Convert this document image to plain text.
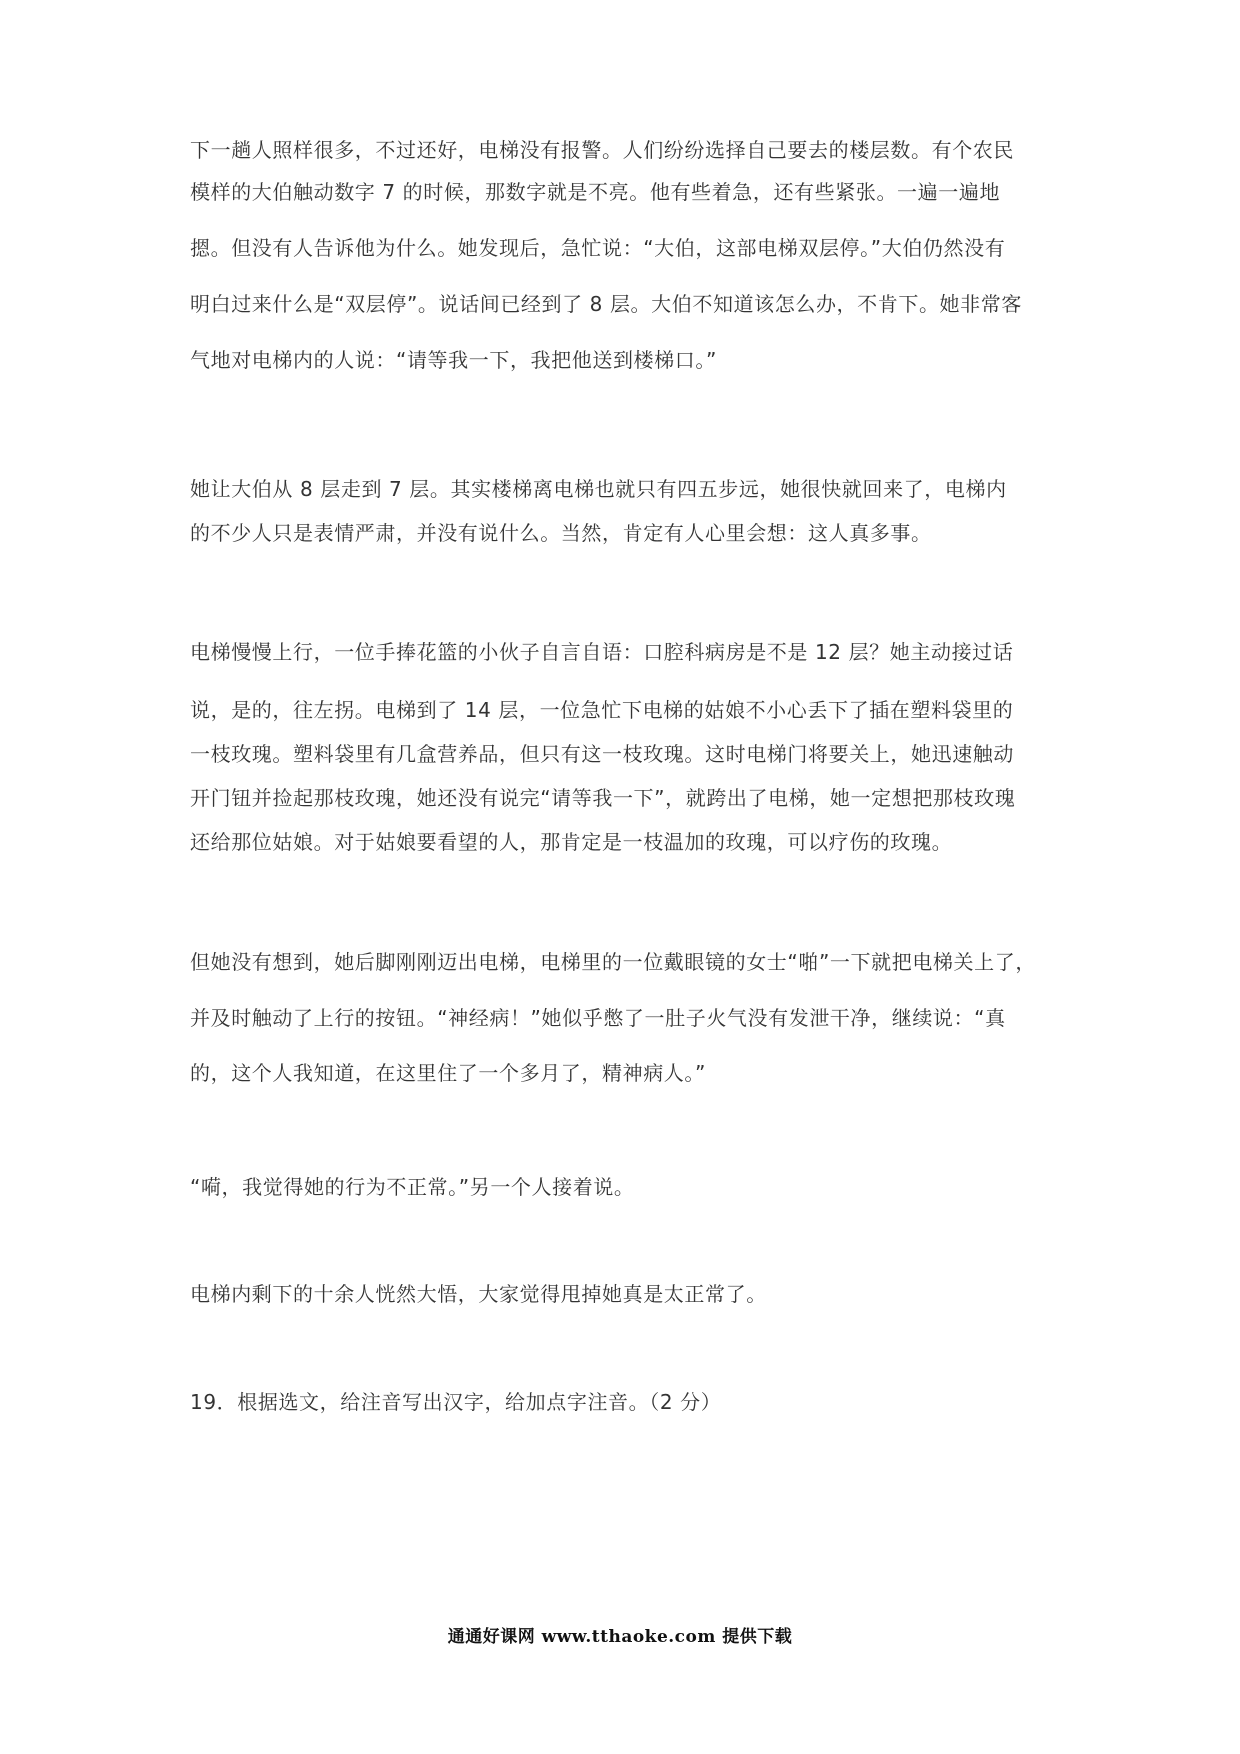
下一趟人照样很多，不过还好，电梯没有报警。人们纷纷选择自己要去的楼层数。有个农民
模样的大伯触动数字 7 的时候，那数字就是不亮。他有些着急，还有些紧张。一遍一遍地
摁。但没有人告诉他为什么。她发现后，急忙说：“大伯，这部电梯双层停。”大伯仍然没有
明白过来什么是“双层停”。说话间已经到了 8 层。大伯不知道该怎么办，不肯下。她非常客
气地对电梯内的人说：“请等我一下，我把他送到楼梯口。”
她让大伯从 8 层走到 7 层。其实楼梯离电梯也就只有四五步远，她很快就回来了，电梯内
的不少人只是表情严肃，并没有说什么。当然，肯定有人心里会想：这人真多事。
电梯慢慢上行，一位手捧花篮的小伙子自言自语：口腔科病房是不是 12 层？她主动接过话
说，是的，往左拐。电梯到了 14 层，一位急忙下电梯的姑娘不小心丢下了插在塑料袋里的
一枝玫瑰。塑料袋里有几盒营养品，但只有这一枝玫瑰。这时电梯门将要关上，她迅速触动
开门钮并捡起那枝玫瑰，她还没有说完“请等我一下”，就跨出了电梯，她一定想把那枝玫瑰
还给那位姑娘。对于姑娘要看望的人，那肯定是一枝温加的玫瑰，可以疗伤的玫瑰。
但她没有想到，她后脚刚刚迈出电梯，电梯里的一位戴眼镜的女士“啪”一下就把电梯关上了，
并及时触动了上行的按钮。“神经病！”她似乎憋了一肚子火气没有发泄干净，继续说：“真
的，这个人我知道，在这里住了一个多月了，精神病人。”
“嗬，我觉得她的行为不正常。”另一个人接着说。
电梯内剩下的十余人恍然大悟，大家觉得甩掉她真是太正常了。
19．根据选文，给注音写出汉字，给加点字注音。（2 分）
通通好课网 www.tthaoke.com 提供下载
